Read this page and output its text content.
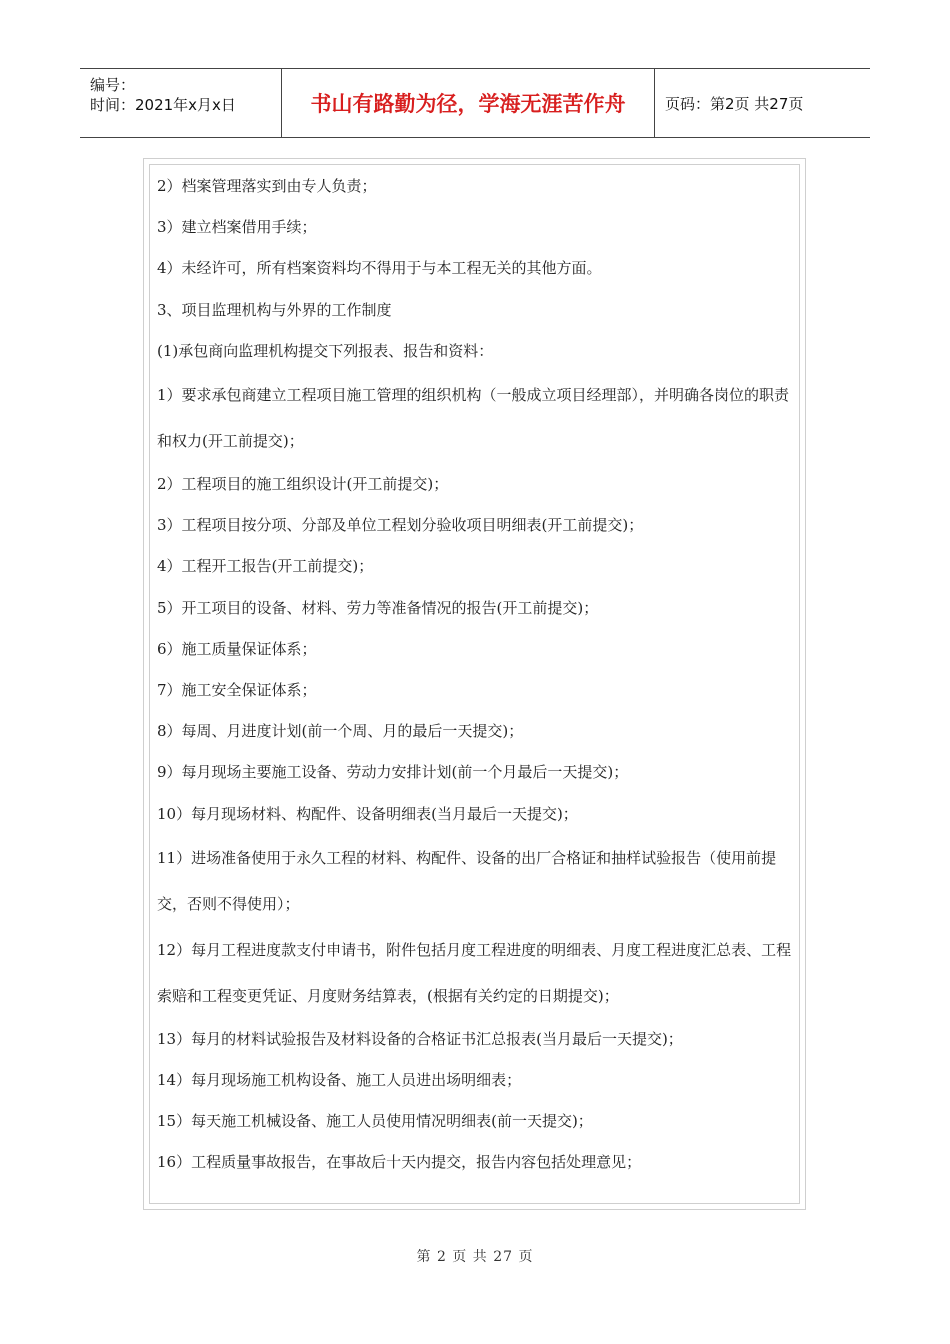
编号：
时间：2021年x月x日	书山有路勤为径，学海无涯苦作舟	页码：第2页 共27页

2）档案管理落实到由专人负责；

3）建立档案借用手续；

4）未经许可，所有档案资料均不得用于与本工程无关的其他方面。

3、项目监理机构与外界的工作制度

(1)承包商向监理机构提交下列报表、报告和资料：

1）要求承包商建立工程项目施工管理的组织机构（一般成立项目经理部），并明确各岗位的职责和权力(开工前提交)；

2）工程项目的施工组织设计(开工前提交)；

3）工程项目按分项、分部及单位工程划分验收项目明细表(开工前提交)；

4）工程开工报告(开工前提交)；

5）开工项目的设备、材料、劳力等准备情况的报告(开工前提交)；

6）施工质量保证体系；

7）施工安全保证体系；

8）每周、月进度计划(前一个周、月的最后一天提交)；

9）每月现场主要施工设备、劳动力安排计划(前一个月最后一天提交)；

10）每月现场材料、构配件、设备明细表(当月最后一天提交)；

11）进场准备使用于永久工程的材料、构配件、设备的出厂合格证和抽样试验报告（使用前提交，否则不得使用）；

12）每月工程进度款支付申请书，附件包括月度工程进度的明细表、月度工程进度汇总表、工程索赔和工程变更凭证、月度财务结算表，(根据有关约定的日期提交)；

13）每月的材料试验报告及材料设备的合格证书汇总报表(当月最后一天提交)；

14）每月现场施工机构设备、施工人员进出场明细表；

15）每天施工机械设备、施工人员使用情况明细表(前一天提交)；

16）工程质量事故报告，在事故后十天内提交，报告内容包括处理意见；

第 2 页 共 27 页
